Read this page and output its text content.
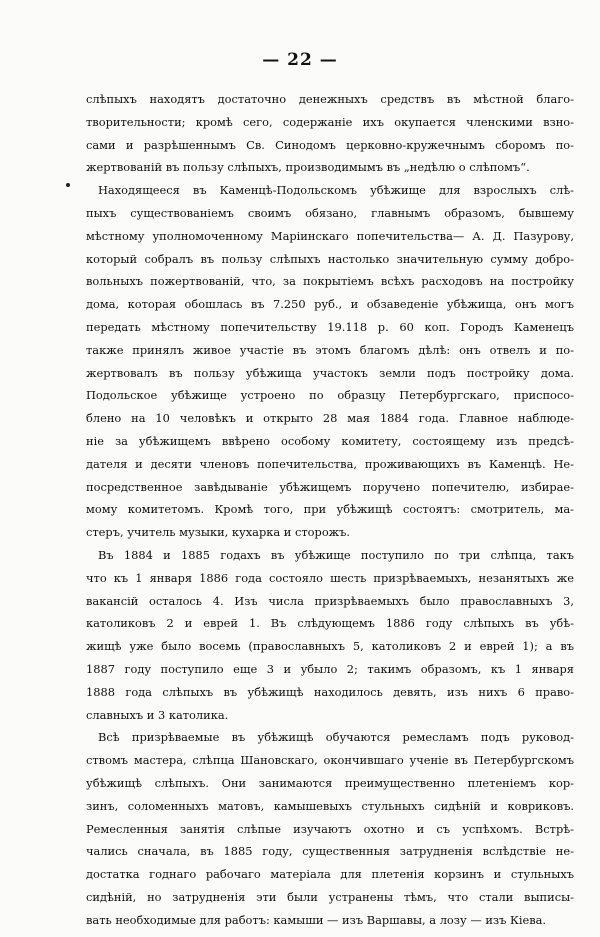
— 22 —
слѣпыхъ находятъ достаточно денежныхъ средствъ въ мѣстной благо-
творительности; кромѣ сего, содержаніе ихъ окупается членскими взно-
сами и разрѣшеннымъ Св. Синодомъ церковно-кружечнымъ сборомъ по-
жертвованій въ пользу слѣпыхъ, производимымъ въ „недѣлю о слѣпомъ“.
Находящееся въ Каменцѣ-Подольскомъ убѣжище для взрослыхъ слѣ-
пыхъ существованіемъ своимъ обязано, главнымъ образомъ, бывшему
мѣстному уполномоченному Маріинскаго попечительства— А. Д. Пазурову,
который собралъ въ пользу слѣпыхъ настолько значительную сумму добро-
вольныхъ пожертвованій, что, за покрытіемъ всѣхъ расходовъ на постройку
дома, которая обошлась въ 7.250 руб., и обзаведеніе убѣжища, онъ могъ
передать мѣстному попечительству 19.118 р. 60 коп. Городъ Каменецъ
также принялъ живое участіе въ этомъ благомъ дѣлѣ: онъ отвелъ и по-
жертвовалъ въ пользу убѣжища участокъ земли подъ постройку дома.
Подольское убѣжище устроено по образцу Петербургскаго, приспосо-
блено на 10 человѣкъ и открыто 28 мая 1884 года. Главное наблюде-
ніе за убѣжищемъ ввѣрено особому комитету, состоящему изъ предсѣ-
дателя и десяти членовъ попечительства, проживающихъ въ Каменцѣ. Не-
посредственное завѣдываніе убѣжищемъ поручено попечителю, избирае-
мому комитетомъ. Кромѣ того, при убѣжищѣ состоятъ: смотритель, ма-
стеръ, учитель музыки, кухарка и сторожъ.
Въ 1884 и 1885 годахъ въ убѣжище поступило по три слѣпца, такъ
что къ 1 января 1886 года состояло шесть призрѣваемыхъ, незанятыхъ же
вакансій осталось 4. Изъ числа призрѣваемыхъ было православныхъ 3,
католиковъ 2 и еврей 1. Въ слѣдующемъ 1886 году слѣпыхъ въ убѣ-
жищѣ уже было восемь (православныхъ 5, католиковъ 2 и еврей 1); а въ
1887 году поступило еще 3 и убыло 2; такимъ образомъ, къ 1 января
1888 года слѣпыхъ въ убѣжищѣ находилось девять, изъ нихъ 6 право-
славныхъ и 3 католика.
Всѣ призрѣваемые въ убѣжищѣ обучаются ремесламъ подъ руковод-
ствомъ мастера, слѣпца Шановскаго, окончившаго ученіе въ Петербургскомъ
убѣжищѣ слѣпыхъ. Они занимаются преимущественно плетеніемъ кор-
зинъ, соломенныхъ матовъ, камышевыхъ стульныхъ сидѣній и ковриковъ.
Ремесленныя занятія слѣпые изучаютъ охотно и съ успѣхомъ. Встрѣ-
чались сначала, въ 1885 году, существенныя затрудненія вслѣдствіе не-
достатка годнаго рабочаго матеріала для плетенія корзинъ и стульныхъ
сидѣній, но затрудненія эти были устранены тѣмъ, что стали выписы-
вать необходимые для работъ: камыши — изъ Варшавы, а лозу — изъ Кіева.
